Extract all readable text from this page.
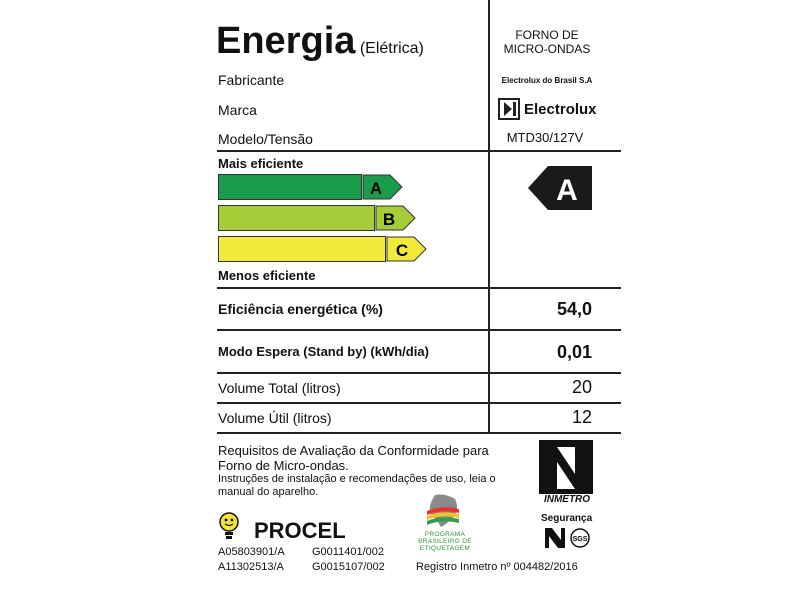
Energia (Elétrica)
FORNO DE
MICRO-ONDAS
Fabricante	Electrolux do Brasil S.A
Marca	Electrolux
Modelo/Tensão	MTD30/127V
Mais eficiente
A
B
C
Menos eficiente
A
Eficiência energética (%)	54,0
Modo Espera (Stand by) (kWh/dia)	0,01
Volume Total (litros)	20
Volume Útil (litros)	12
Requisitos de Avaliação da Conformidade para
Forno de Micro-ondas.
Instruções de instalação e recomendações de uso, leia o
manual do aparelho.
INMETRO
Segurança
SGS
PROCEL	PROGRAMA
BRASILEIRO DE
ETIQUETAGEM
A05803901/A G0011401/002
A11302513/A	G0015107/002	Registro Inmetro nº 004482/2016
